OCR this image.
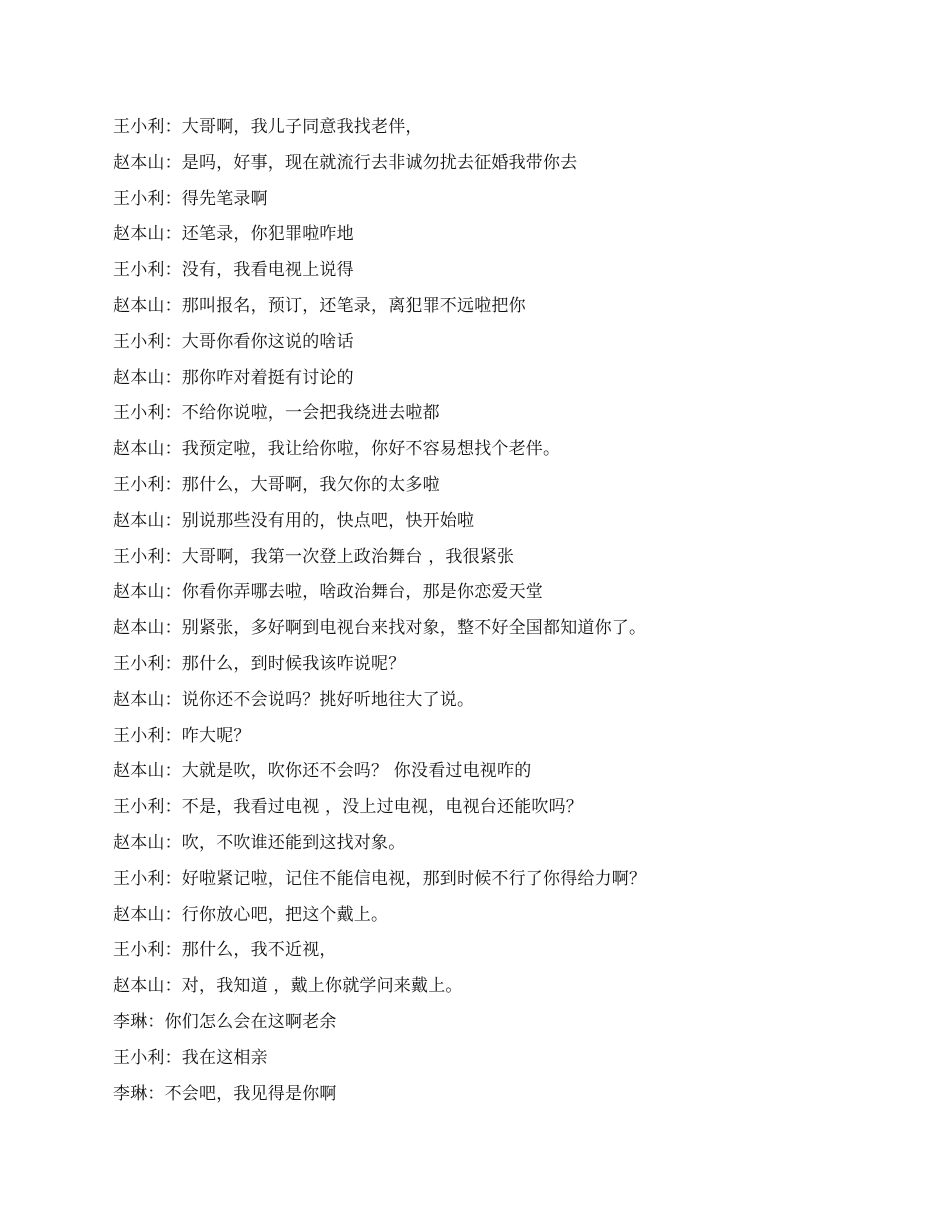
王小利：大哥啊，我儿子同意我找老伴，
赵本山：是吗，好事，现在就流行去非诚勿扰去征婚我带你去
王小利：得先笔录啊
赵本山：还笔录，你犯罪啦咋地
王小利：没有，我看电视上说得
赵本山：那叫报名，预订，还笔录，离犯罪不远啦把你
王小利：大哥你看你这说的啥话
赵本山：那你咋对着挺有讨论的
王小利：不给你说啦，一会把我绕进去啦都
赵本山：我预定啦，我让给你啦，你好不容易想找个老伴。
王小利：那什么，大哥啊，我欠你的太多啦
赵本山：别说那些没有用的，快点吧，快开始啦
王小利：大哥啊，我第一次登上政治舞台 ，我很紧张
赵本山：你看你弄哪去啦，啥政治舞台，那是你恋爱天堂
赵本山：别紧张，多好啊到电视台来找对象，整不好全国都知道你了。
王小利：那什么，到时候我该咋说呢？
赵本山：说你还不会说吗？挑好听地往大了说。
王小利：咋大呢？
赵本山：大就是吹，吹你还不会吗？ 你没看过电视咋的
王小利：不是，我看过电视 ，没上过电视，电视台还能吹吗？
赵本山：吹，不吹谁还能到这找对象。
王小利：好啦紧记啦，记住不能信电视，那到时候不行了你得给力啊？
赵本山：行你放心吧，把这个戴上。
王小利：那什么，我不近视，
赵本山：对，我知道 ，戴上你就学问来戴上。
李琳：你们怎么会在这啊老余
王小利：我在这相亲
李琳：不会吧，我见得是你啊
